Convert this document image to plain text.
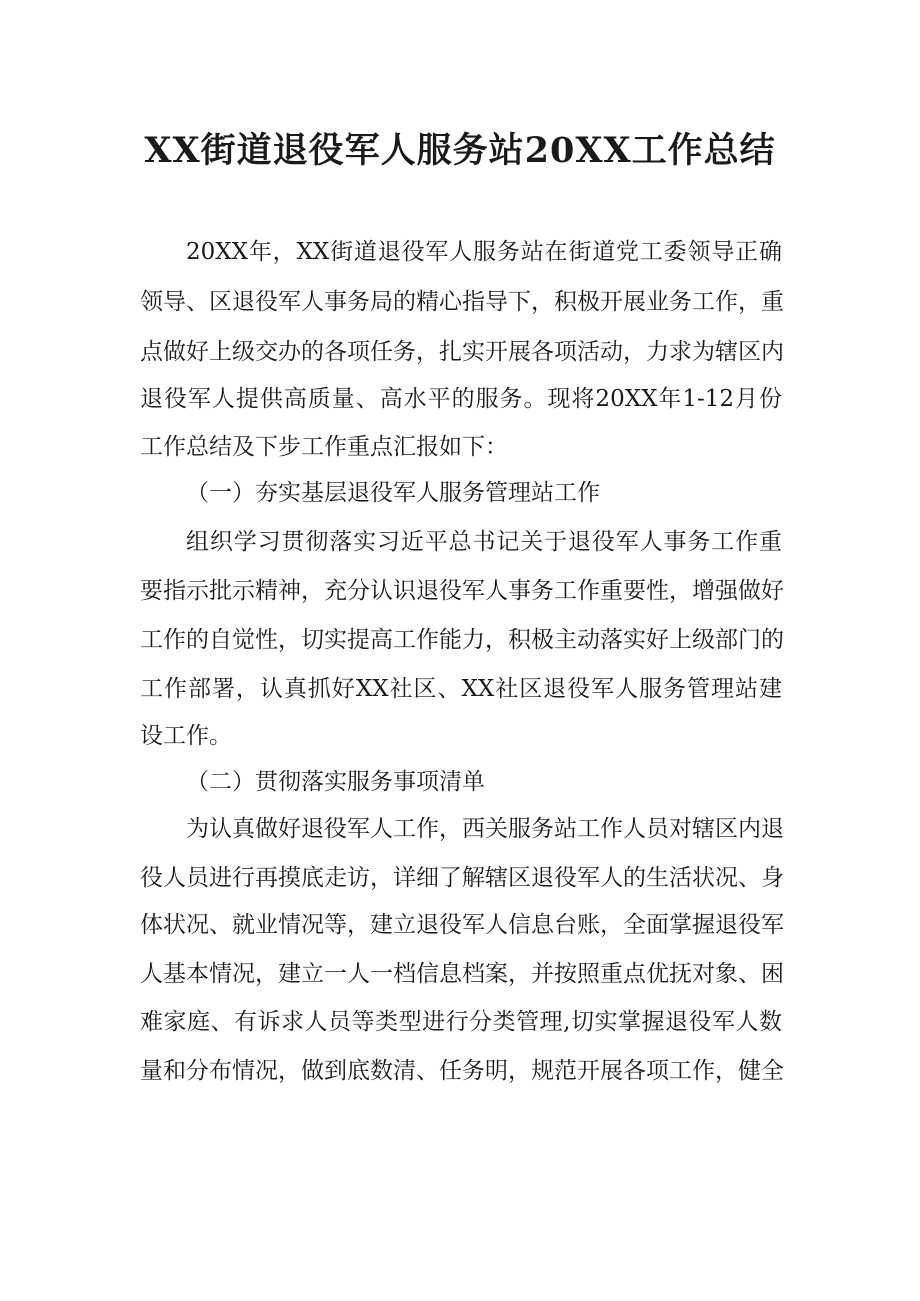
XX街道退役军人服务站20XX工作总结
20XX年，XX街道退役军人服务站在街道党工委领导正确
领导、区退役军人事务局的精心指导下，积极开展业务工作，重
点做好上级交办的各项任务，扎实开展各项活动，力求为辖区内
退役军人提供高质量、高水平的服务。现将20XX年1-12月份
工作总结及下步工作重点汇报如下：
（一）夯实基层退役军人服务管理站工作
组织学习贯彻落实习近平总书记关于退役军人事务工作重
要指示批示精神，充分认识退役军人事务工作重要性，增强做好
工作的自觉性，切实提高工作能力，积极主动落实好上级部门的
工作部署，认真抓好XX社区、XX社区退役军人服务管理站建
设工作。
（二）贯彻落实服务事项清单
为认真做好退役军人工作，西关服务站工作人员对辖区内退
役人员进行再摸底走访，详细了解辖区退役军人的生活状况、身
体状况、就业情况等，建立退役军人信息台账，全面掌握退役军
人基本情况，建立一人一档信息档案，并按照重点优抚对象、困
难家庭、有诉求人员等类型进行分类管理,切实掌握退役军人数
量和分布情况，做到底数清、任务明，规范开展各项工作，健全
